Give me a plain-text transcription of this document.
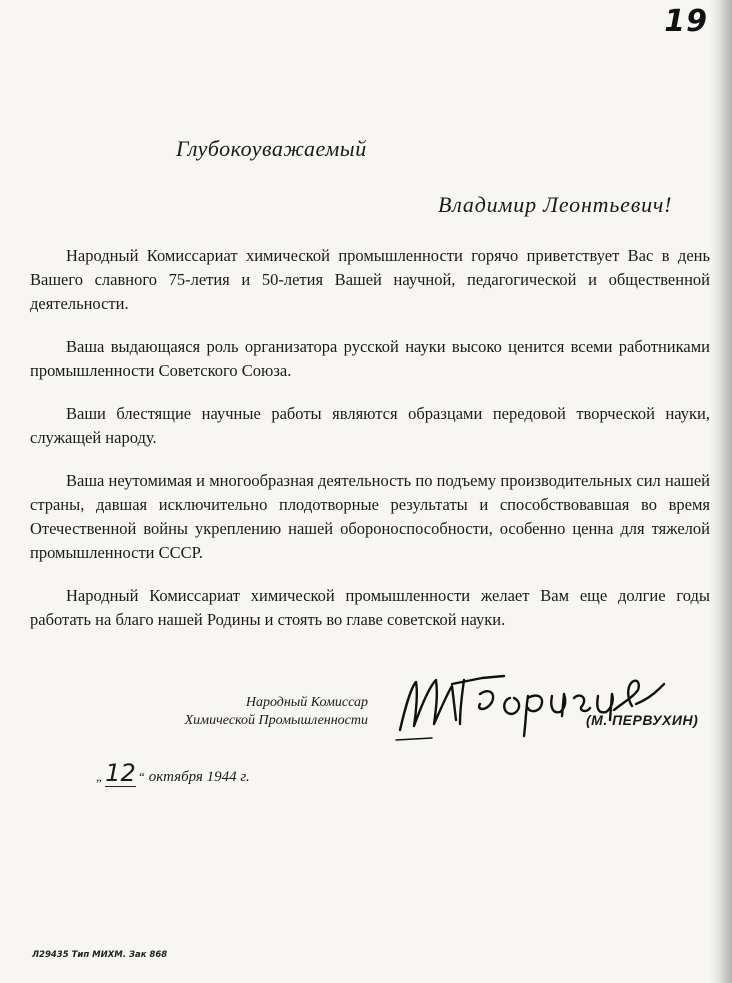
19
Глубокоуважаемый
Владимир Леонтьевич!

Народный Комиссариат химической промышленности горячо приветствует Вас в день Вашего славного 75-летия и 50-летия Вашей научной, педагогической и общественной деятельности.

Ваша выдающаяся роль организатора русской науки высоко ценится всеми работниками промышленности Советского Союза.

Ваши блестящие научные работы являются образцами передовой творческой науки, служащей народу.

Ваша неутомимая и многообразная деятельность по подъему производительных сил нашей страны, давшая исключительно плодотворные результаты и способствовавшая во время Отечественной войны укреплению нашей обороноспособности, особенно ценна для тяжелой промышленности СССР.

Народный Комиссариат химической промышленности желает Вам еще долгие годы работать на благо нашей Родины и стоять во главе советской науки.

Народный Комиссар
Химической Промышленности	(М. ПЕРВУХИН)
„12 “ октября 1944 г.
Л29435 Тип МИХМ. Зак 868
